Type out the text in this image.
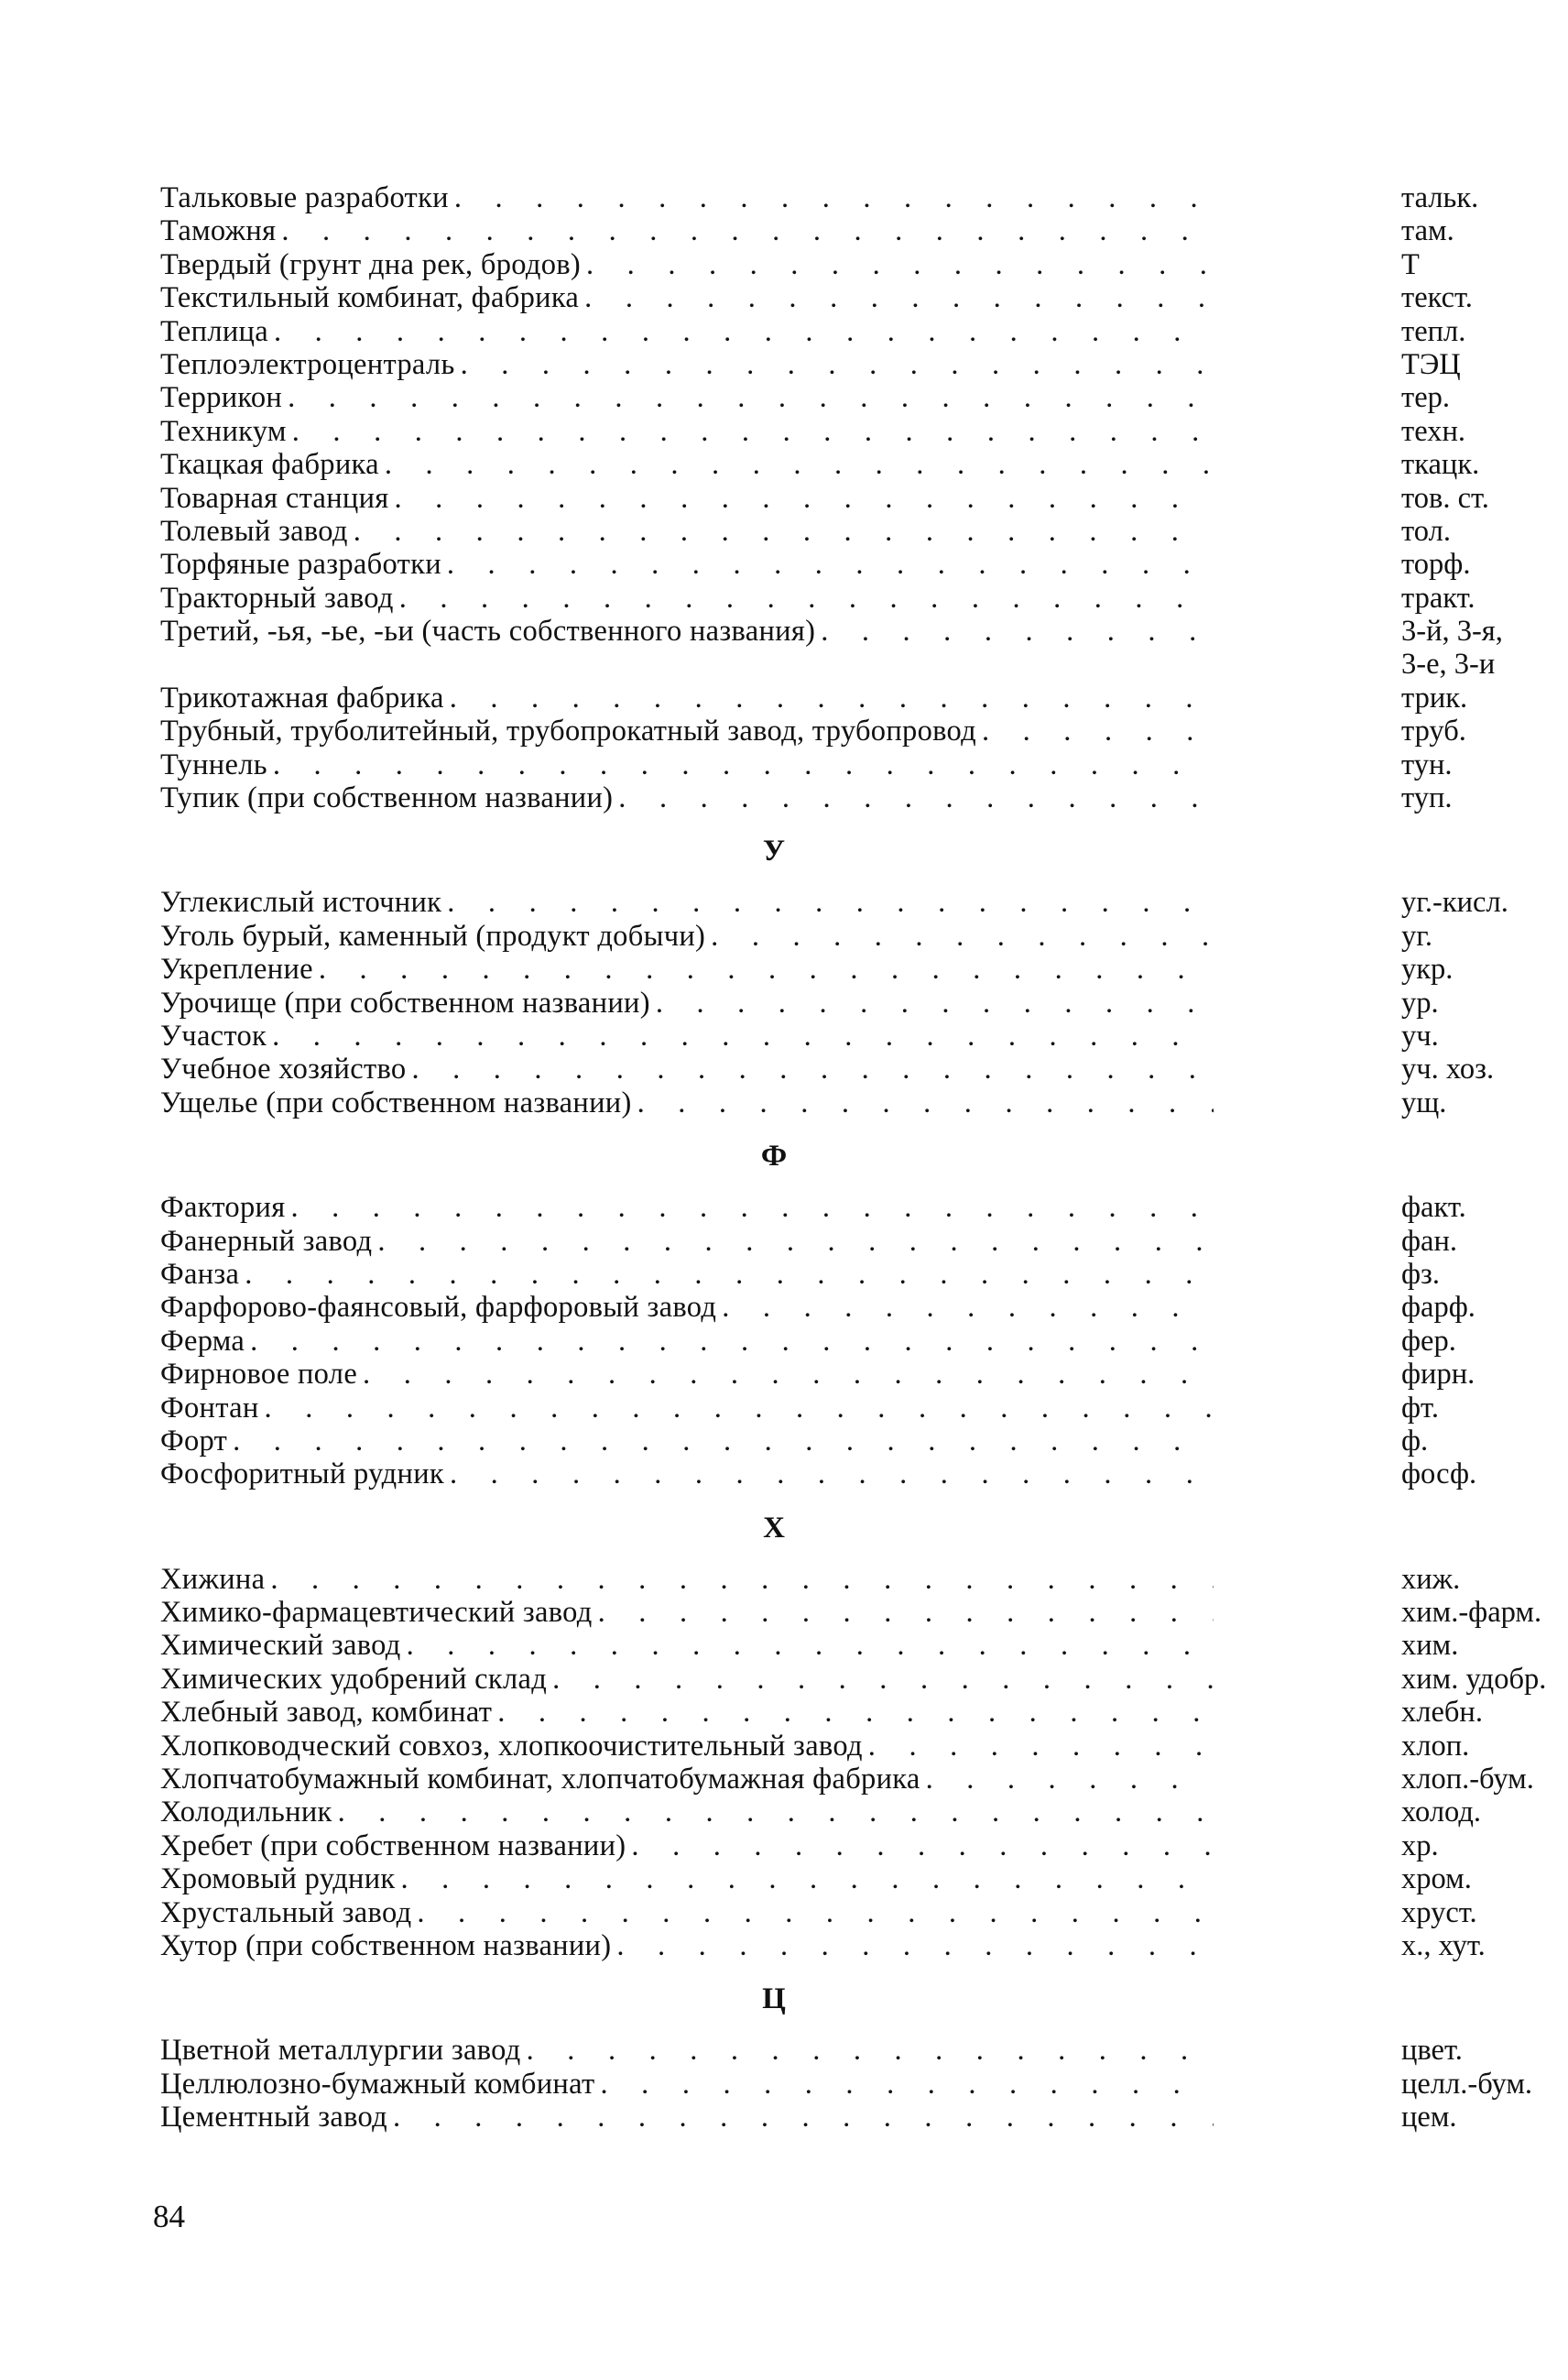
Тальковые разработки . . .	тальк.
Таможня . . .	там.
Твердый (грунт дна рек, бродов) . . .	Т
Текстильный комбинат, фабрика . . .	текст.
Теплица . . .	тепл.
Теплоэлектроцентраль . . .	ТЭЦ
Террикон . . .	тер.
Техникум . . .	техн.
Ткацкая фабрика . . .	ткацк.
Товарная станция . . .	тов. ст.
Толевый завод . . .	тол.
Торфяные разработки . . .	торф.
Тракторный завод . . .	тракт.
Третий, -ья, -ье, -ьи (часть собственного названия) . . .	3-й, 3-я,
3-е, 3-и
Трикотажная фабрика . . .	трик.
Трубный, труболитейный, трубопрокатный завод, трубопровод . . .	труб.
Туннель . . .	тун.
Тупик (при собственном названии) . . .	туп.
У
Углекислый источник . . .	уг.-кисл.
Уголь бурый, каменный (продукт добычи) . . .	уг.
Укрепление . . .	укр.
Урочище (при собственном названии) . . .	ур.
Участок . . .	уч.
Учебное хозяйство . . .	уч. хоз.
Ущелье (при собственном названии) . . .	ущ.
Ф
Фактория . . .	факт.
Фанерный завод . . .	фан.
Фанза . . .	фз.
Фарфорово-фаянсовый, фарфоровый завод . . .	фарф.
Ферма . . .	фер.
Фирновое поле . . .	фирн.
Фонтан . . .	фт.
Форт . . .	ф.
Фосфоритный рудник . . .	фосф.
Х
Хижина . . .	хиж.
Химико-фармацевтический завод . . .	хим.-фарм.
Химический завод . . .	хим.
Химических удобрений склад . . .	хим. удобр.
Хлебный завод, комбинат . . .	хлебн.
Хлопководческий совхоз, хлопкоочистительный завод . . .	хлоп.
Хлопчатобумажный комбинат, хлопчатобумажная фабрика . . .	хлоп.-бум.
Холодильник . . .	холод.
Хребет (при собственном названии) . . .	хр.
Хромовый рудник . . .	хром.
Хрустальный завод . . .	хруст.
Хутор (при собственном названии) . . .	х., хут.
Ц
Цветной металлургии завод . . .	цвет.
Целлюлозно-бумажный комбинат . . .	целл.-бум.
Цементный завод . . .	цем.
84
